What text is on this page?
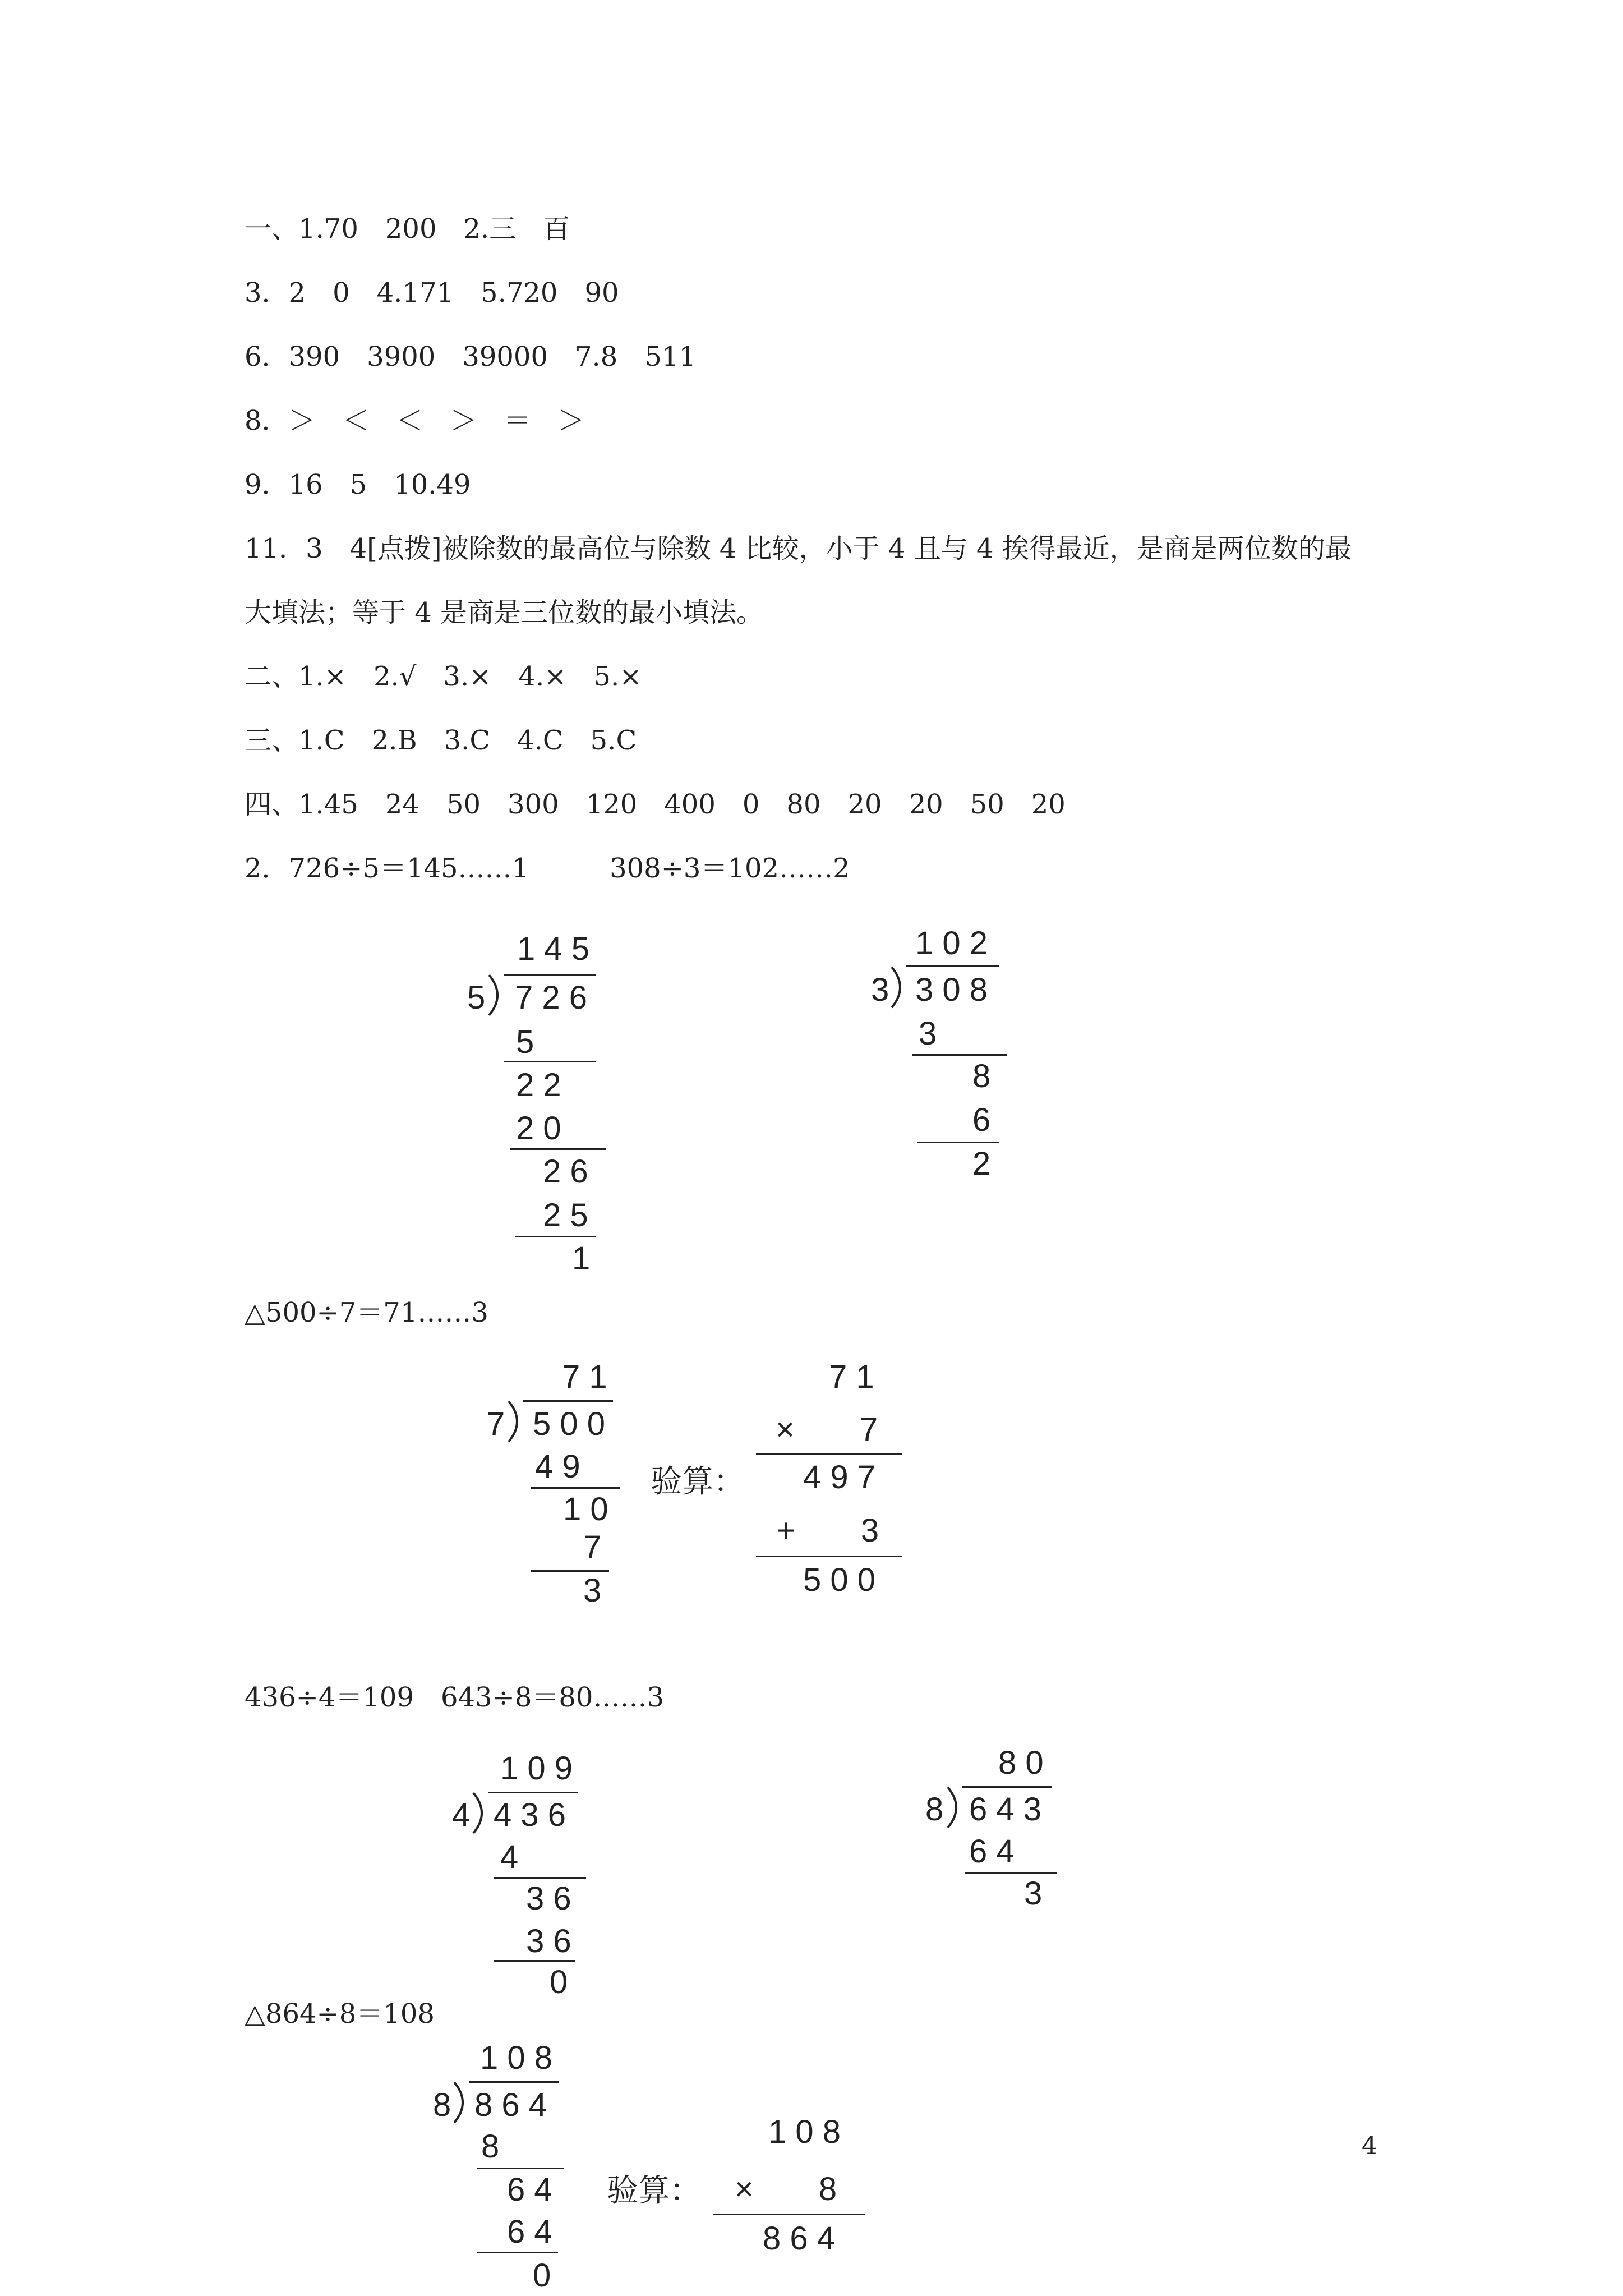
一、1.70　200　2.三　百
3．2　0　4.171　5.720　90
6．390　3900　39000　7.8　511
8．＞　＜　＜　＞　＝　＞
9．16　5　10.49
11．3　4[点拨]被除数的最高位与除数 4 比较，小于 4 且与 4 挨得最近，是商是两位数的最
大填法；等于 4 是商是三位数的最小填法。
二、1.×　2.√　3.×　4.×　5.×
三、1.C　2.B　3.C　4.C　5.C
四、1.45　24　50　300　120　400　0　80　20　20　50　20
2．726÷5＝145……1　　　308÷3＝102……2
1 4 5
5 7 2 6
5
2 2
2 0
2 6
2 5
1
1 0 2
3 3 0 8
3
8
6
2
△500÷7＝71……3
7 1
7 5 0 0
4 9
1 0
7
3
验算：
7 1
×　　7
4 9 7
+　　3
5 0 0
436÷4＝109　643÷8＝80……3
1 0 9
4 4 3 6
4
3 6
3 6
0
8 0
8 6 4 3
6 4
3
△864÷8＝108
1 0 8
8 8 6 4
8
6 4
6 4
0
验算：
1 0 8
×　　8
8 6 4
4
